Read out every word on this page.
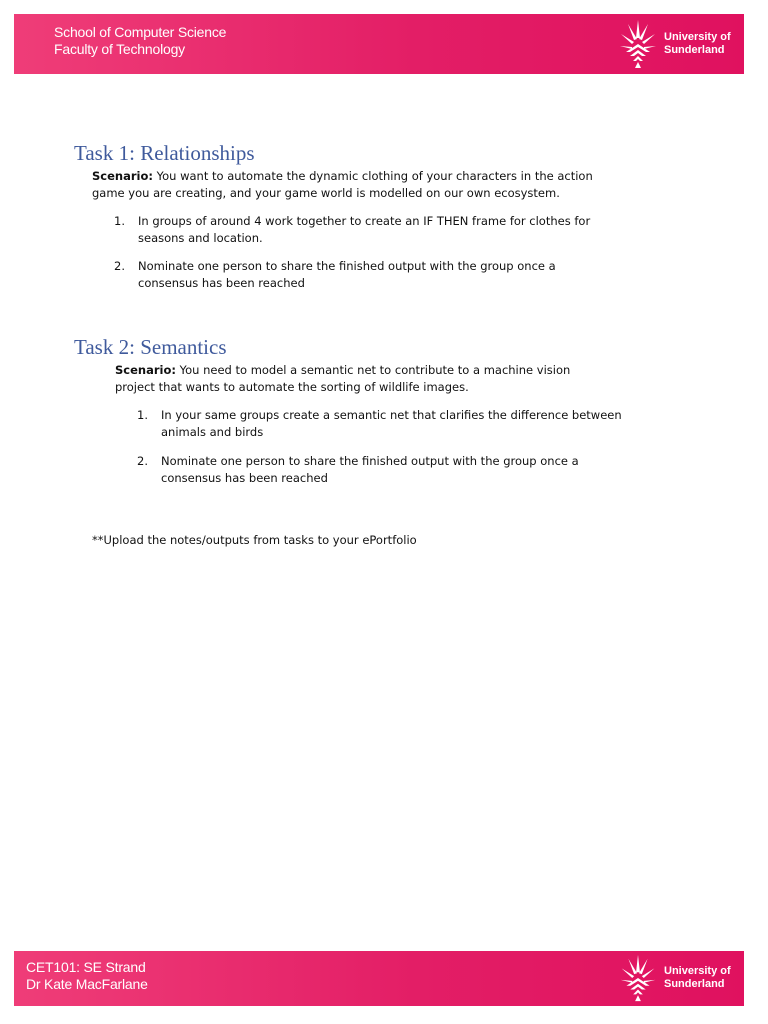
School of Computer Science
Faculty of Technology
University of
Sunderland
Task 1: Relationships
Scenario: You want to automate the dynamic clothing of your characters in the action game you are creating, and your game world is modelled on our own ecosystem.
1. In groups of around 4 work together to create an IF THEN frame for clothes for seasons and location.
2. Nominate one person to share the finished output with the group once a consensus has been reached
Task 2: Semantics
Scenario: You need to model a semantic net to contribute to a machine vision project that wants to automate the sorting of wildlife images.
1. In your same groups create a semantic net that clarifies the difference between animals and birds
2. Nominate one person to share the finished output with the group once a consensus has been reached
**Upload the notes/outputs from tasks to your ePortfolio
CET101: SE Strand
Dr Kate MacFarlane
University of
Sunderland
